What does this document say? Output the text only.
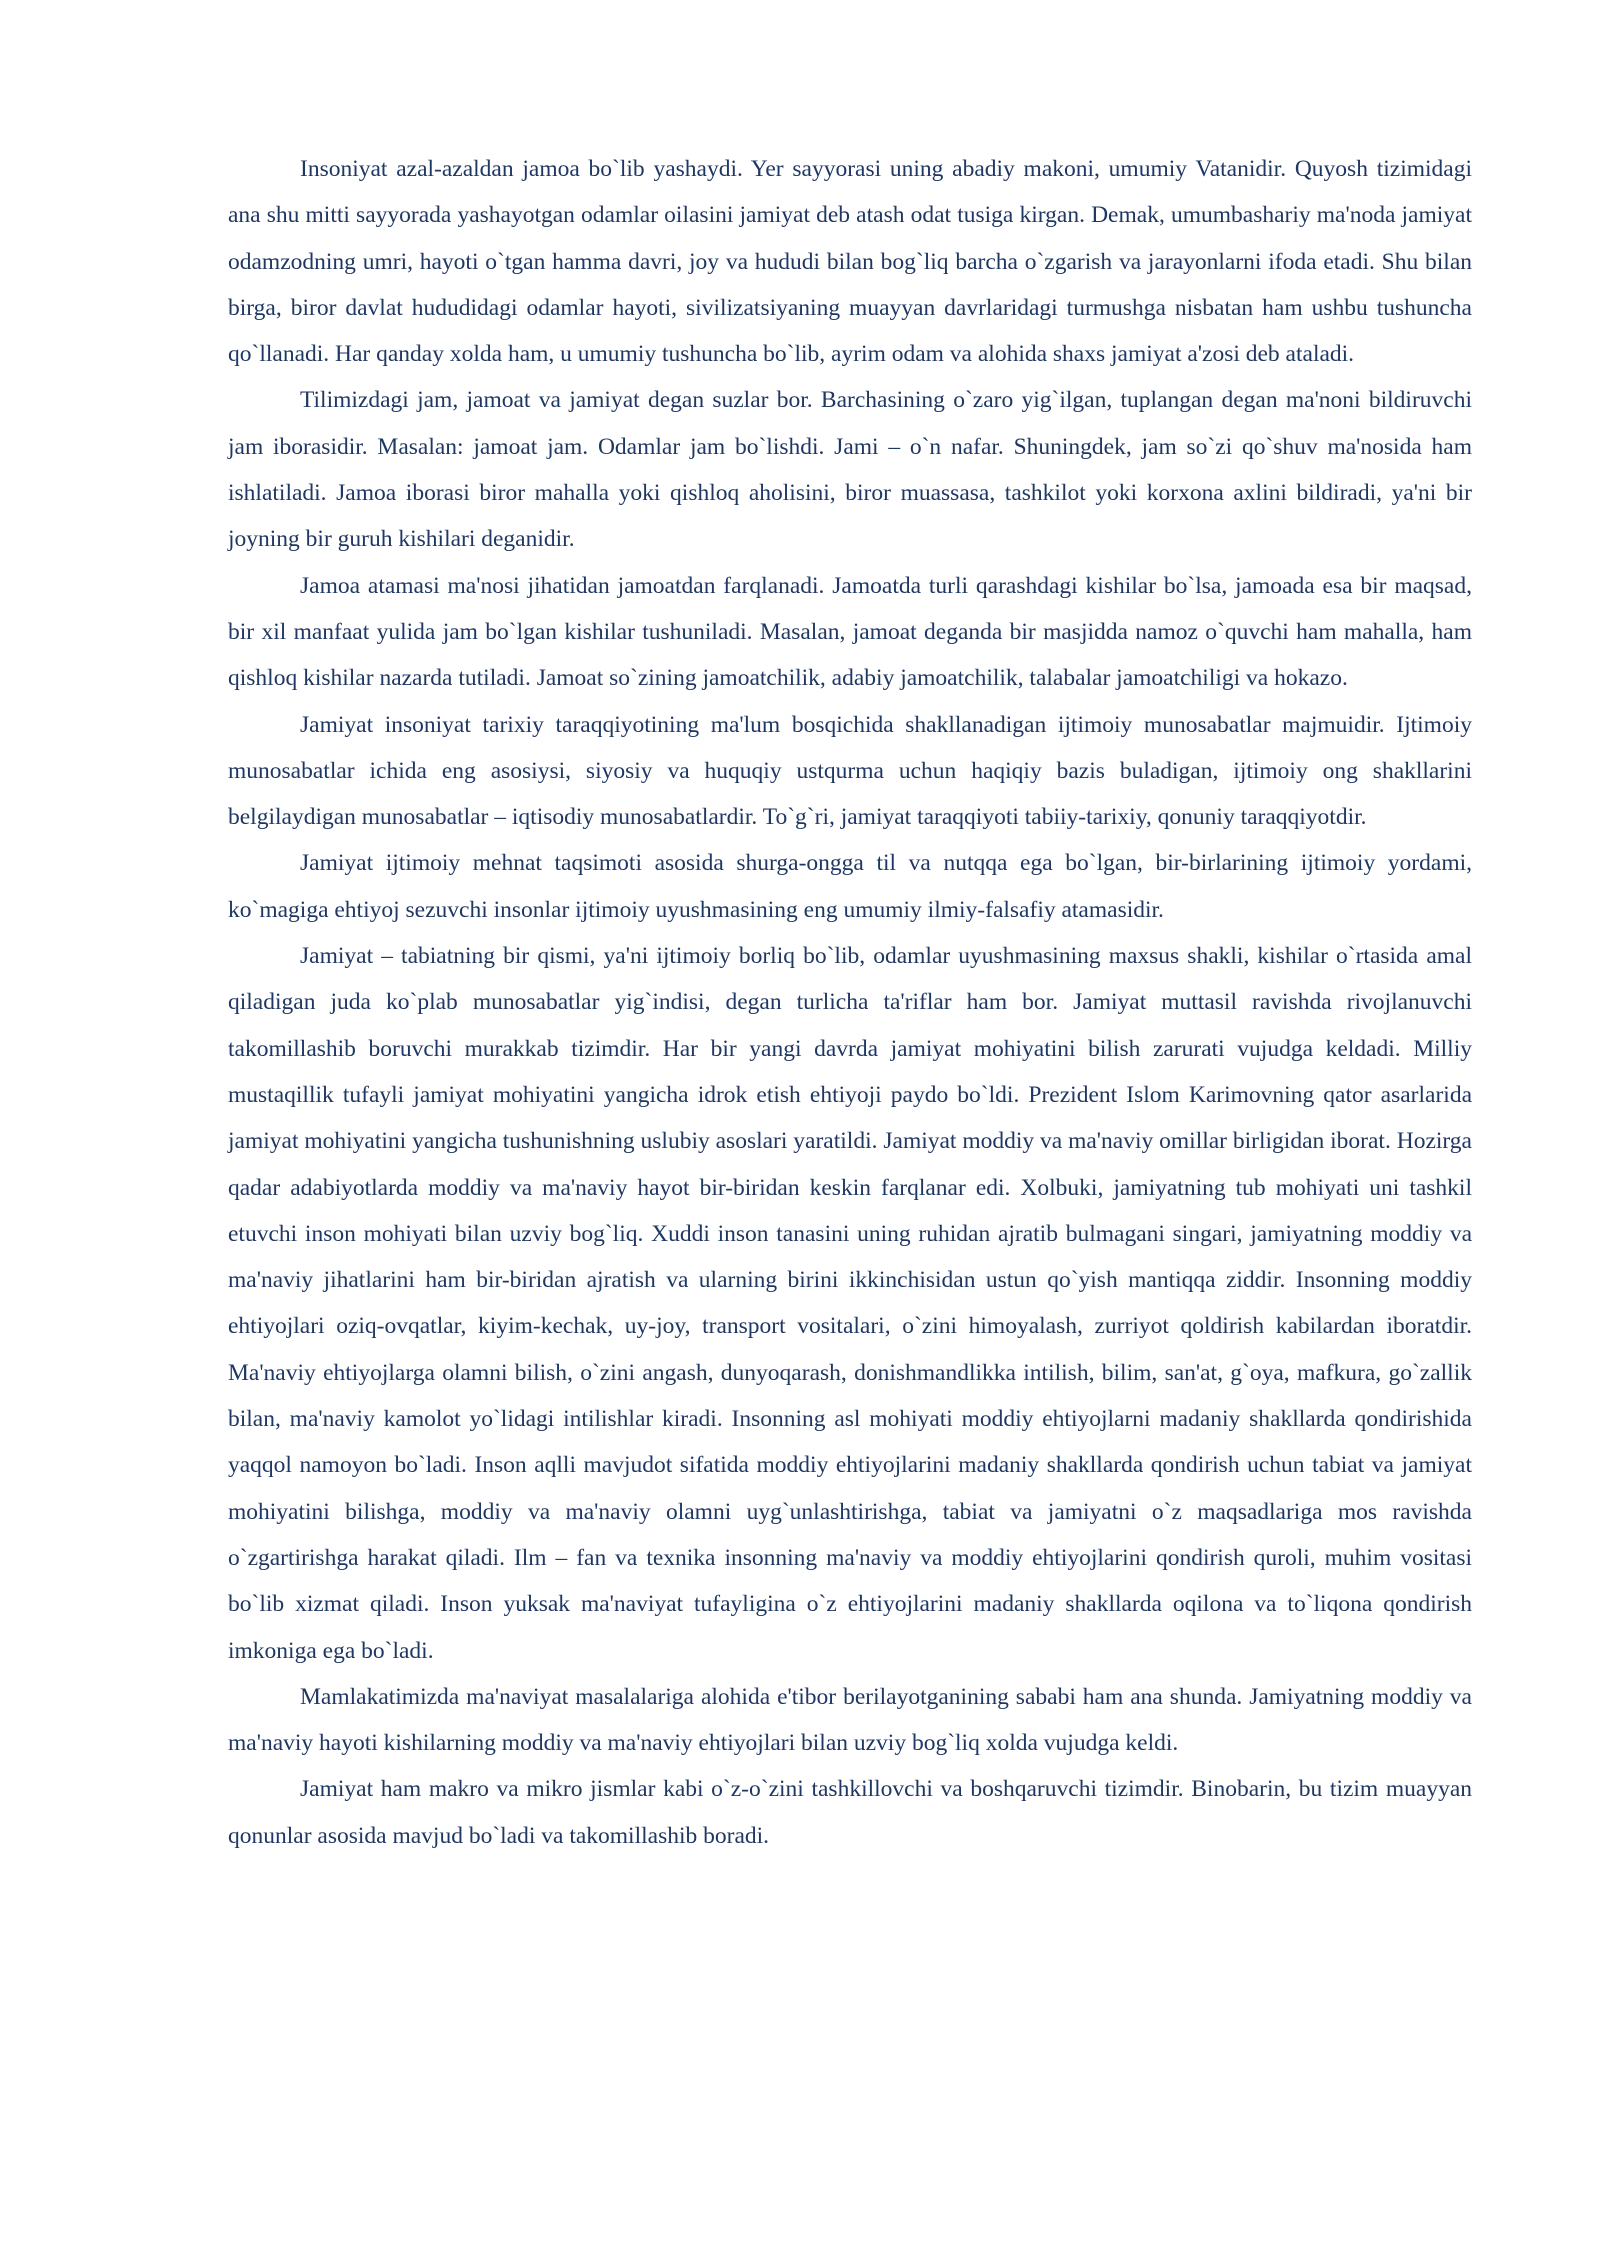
Insoniyat azal-azaldan jamoa bo`lib yashaydi. Yer sayyorasi uning abadiy makoni, umumiy Vatanidir. Quyosh tizimidagi ana shu mitti sayyorada yashayotgan odamlar oilasini jamiyat deb atash odat tusiga kirgan. Demak, umumbashariy ma'noda jamiyat odamzodning umri, hayoti o`tgan hamma davri, joy va hududi bilan bog`liq barcha o`zgarish va jarayonlarni ifoda etadi. Shu bilan birga, biror davlat hududidagi odamlar hayoti, sivilizatsiyaning muayyan davrlaridagi turmushga nisbatan ham ushbu tushuncha qo`llanadi. Har qanday xolda ham, u umumiy tushuncha bo`lib, ayrim odam va alohida shaxs jamiyat a'zosi deb ataladi.

Tilimizdagi jam, jamoat va jamiyat degan suzlar bor. Barchasining o`zaro yig`ilgan, tuplangan degan ma'noni bildiruvchi jam iborasidir. Masalan: jamoat jam. Odamlar jam bo`lishdi. Jami – o`n nafar. Shuningdek, jam so`zi qo`shuv ma'nosida ham ishlatiladi. Jamoa iborasi biror mahalla yoki qishloq aholisini, biror muassasa, tashkilot yoki korxona axlini bildiradi, ya'ni bir joyning bir guruh kishilari deganidir.

Jamoa atamasi ma'nosi jihatidan jamoatdan farqlanadi. Jamoatda turli qarashdagi kishilar bo`lsa, jamoada esa bir maqsad, bir xil manfaat yulida jam bo`lgan kishilar tushuniladi. Masalan, jamoat deganda bir masjidda namoz o`quvchi ham mahalla, ham qishloq kishilar nazarda tutiladi. Jamoat so`zining jamoatchilik, adabiy jamoatchilik, talabalar jamoatchiligi va hokazo.

Jamiyat insoniyat tarixiy taraqqiyotining ma'lum bosqichida shakllanadigan ijtimoiy munosabatlar majmuidir. Ijtimoiy munosabatlar ichida eng asosiysi, siyosiy va huquqiy ustqurma uchun haqiqiy bazis buladigan, ijtimoiy ong shakllarini belgilaydigan munosabatlar – iqtisodiy munosabatlardir. To`g`ri, jamiyat taraqqiyoti tabiiy-tarixiy, qonuniy taraqqiyotdir.

Jamiyat ijtimoiy mehnat taqsimoti asosida shurga-ongga til va nutqqa ega bo`lgan, bir-birlarining ijtimoiy yordami, ko`magiga ehtiyoj sezuvchi insonlar ijtimoiy uyushmasining eng umumiy ilmiy-falsafiy atamasidir.

Jamiyat – tabiatning bir qismi, ya'ni ijtimoiy borliq bo`lib, odamlar uyushmasining maxsus shakli, kishilar o`rtasida amal qiladigan juda ko`plab munosabatlar yig`indisi, degan turlicha ta'riflar ham bor. Jamiyat muttasil ravishda rivojlanuvchi takomillashib boruvchi murakkab tizimdir. Har bir yangi davrda jamiyat mohiyatini bilish zarurati vujudga keldadi. Milliy mustaqillik tufayli jamiyat mohiyatini yangicha idrok etish ehtiyoji paydo bo`ldi. Prezident Islom Karimovning qator asarlarida jamiyat mohiyatini yangicha tushunishning uslubiy asoslari yaratildi. Jamiyat moddiy va ma'naviy omillar birligidan iborat. Hozirga qadar adabiyotlarda moddiy va ma'naviy hayot bir-biridan keskin farqlanar edi. Xolbuki, jamiyatning tub mohiyati uni tashkil etuvchi inson mohiyati bilan uzviy bog`liq. Xuddi inson tanasini uning ruhidan ajratib bulmagani singari, jamiyatning moddiy va ma'naviy jihatlarini ham bir-biridan ajratish va ularning birini ikkinchisidan ustun qo`yish mantiqqa ziddir. Insonning moddiy ehtiyojlari oziq-ovqatlar, kiyim-kechak, uy-joy, transport vositalari, o`zini himoyalash, zurriyot qoldirish kabilardan iboratdir. Ma'naviy ehtiyojlarga olamni bilish, o`zini angash, dunyoqarash, donishmandlikka intilish, bilim, san'at, g`oya, mafkura, go`zallik bilan, ma'naviy kamolot yo`lidagi intilishlar kiradi. Insonning asl mohiyati moddiy ehtiyojlarni madaniy shakllarda qondirishida yaqqol namoyon bo`ladi. Inson aqlli mavjudot sifatida moddiy ehtiyojlarini madaniy shakllarda qondirish uchun tabiat va jamiyat mohiyatini bilishga, moddiy va ma'naviy olamni uyg`unlashtirishga, tabiat va jamiyatni o`z maqsadlariga mos ravishda o`zgartirishga harakat qiladi. Ilm – fan va texnika insonning ma'naviy va moddiy ehtiyojlarini qondirish quroli, muhim vositasi bo`lib xizmat qiladi. Inson yuksak ma'naviyat tufayligina o`z ehtiyojlarini madaniy shakllarda oqilona va to`liqona qondirish imkoniga ega bo`ladi.

Mamlakatimizda ma'naviyat masalalariga alohida e'tibor berilayotganining sababi ham ana shunda. Jamiyatning moddiy va ma'naviy hayoti kishilarning moddiy va ma'naviy ehtiyojlari bilan uzviy bog`liq xolda vujudga keldi.

Jamiyat ham makro va mikro jismlar kabi o`z-o`zini tashkillovchi va boshqaruvchi tizimdir. Binobarin, bu tizim muayyan qonunlar asosida mavjud bo`ladi va takomillashib boradi.
